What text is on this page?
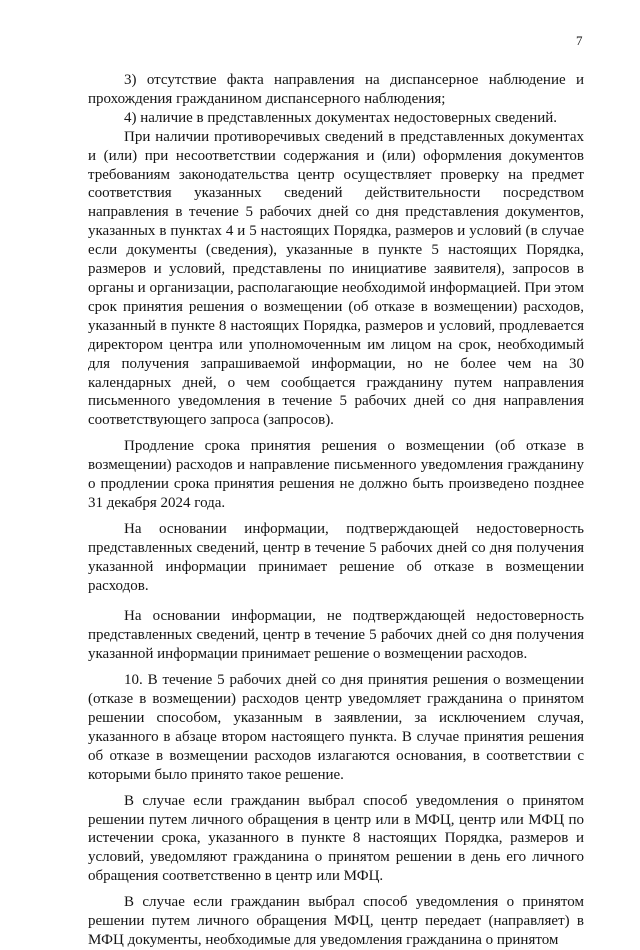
7

3) отсутствие факта направления на диспансерное наблюдение и прохождения гражданином диспансерного наблюдения;

4) наличие в представленных документах недостоверных сведений.

При наличии противоречивых сведений в представленных документах и (или) при несоответствии содержания и (или) оформления документов требованиям законодательства центр осуществляет проверку на предмет соответствия указанных сведений действительности посредством направления в течение 5 рабочих дней со дня представления документов, указанных в пунктах 4 и 5 настоящих Порядка, размеров и условий (в случае если документы (сведения), указанные в пункте 5 настоящих Порядка, размеров и условий, представлены по инициативе заявителя), запросов в органы и организации, располагающие необходимой информацией. При этом срок принятия решения о возмещении (об отказе в возмещении) расходов, указанный в пункте 8 настоящих Порядка, размеров и условий, продлевается директором центра или уполномоченным им лицом на срок, необходимый для получения запрашиваемой информации, но не более чем на 30 календарных дней, о чем сообщается гражданину путем направления письменного уведомления в течение 5 рабочих дней со дня направления соответствующего запроса (запросов).

Продление срока принятия решения о возмещении (об отказе в возмещении) расходов и направление письменного уведомления гражданину о продлении срока принятия решения не должно быть произведено позднее 31 декабря 2024 года.

На основании информации, подтверждающей недостоверность представленных сведений, центр в течение 5 рабочих дней со дня получения указанной информации принимает решение об отказе в возмещении расходов.

На основании информации, не подтверждающей недостоверность представленных сведений, центр в течение 5 рабочих дней со дня получения указанной информации принимает решение о возмещении расходов.

10. В течение 5 рабочих дней со дня принятия решения о возмещении (отказе в возмещении) расходов центр уведомляет гражданина о принятом решении способом, указанным в заявлении, за исключением случая, указанного в абзаце втором настоящего пункта. В случае принятия решения об отказе в возмещении расходов излагаются основания, в соответствии с которыми было принято такое решение.

В случае если гражданин выбрал способ уведомления о принятом решении путем личного обращения в центр или в МФЦ, центр или МФЦ по истечении срока, указанного в пункте 8 настоящих Порядка, размеров и условий, уведомляют гражданина о принятом решении в день его личного обращения соответственно в центр или МФЦ.

В случае если гражданин выбрал способ уведомления о принятом решении путем личного обращения МФЦ, центр передает (направляет) в МФЦ документы, необходимые для уведомления гражданина о принятом
